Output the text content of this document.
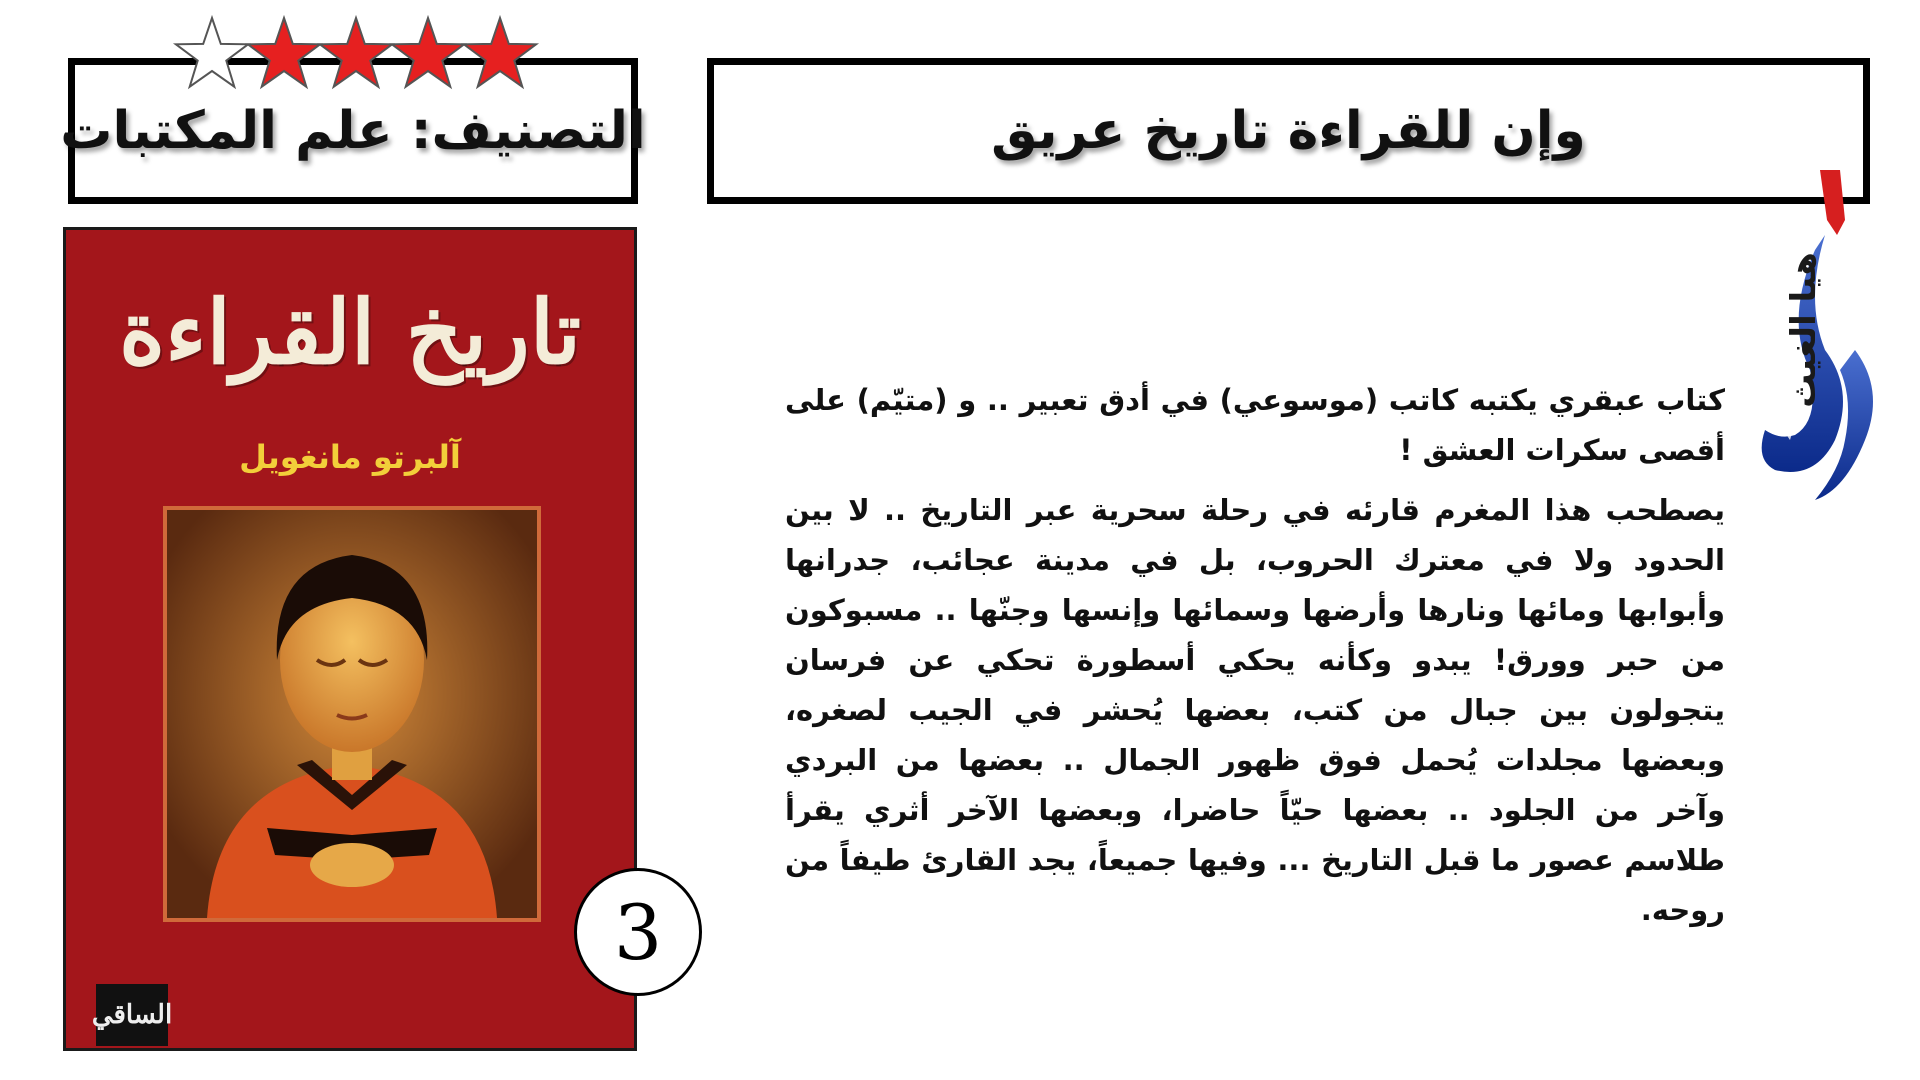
التصنيف: علم المكتبات	وإن للقراءة تاريخ عريق
تاريخ القراءة
آلبرتو مانغويل
الساقي
3

كتاب عبقري يكتبه كاتب (موسوعي) في أدق تعبير .. و (متيّم) على أقصى سكرات العشق !

يصطحب هذا المغرم قارئه في رحلة سحرية عبر التاريخ .. لا بين الحدود ولا في معترك الحروب، بل في مدينة عجائب، جدرانها وأبوابها ومائها ونارها وأرضها وسمائها وإنسها وجنّها .. مسبوكون من حبر وورق! يبدو وكأنه يحكي أسطورة تحكي عن فرسان يتجولون بين جبال من كتب، بعضها يُحشر في الجيب لصغره، وبعضها مجلدات يُحمل فوق ظهور الجمال .. بعضها من البردي وآخر من الجلود .. بعضها حيّاً حاضرا، وبعضها الآخر أثري يقرأ طلاسم عصور ما قبل التاريخ ... وفيها جميعاً، يجد القارئ طيفاً من روحه.

هيا الغيث
